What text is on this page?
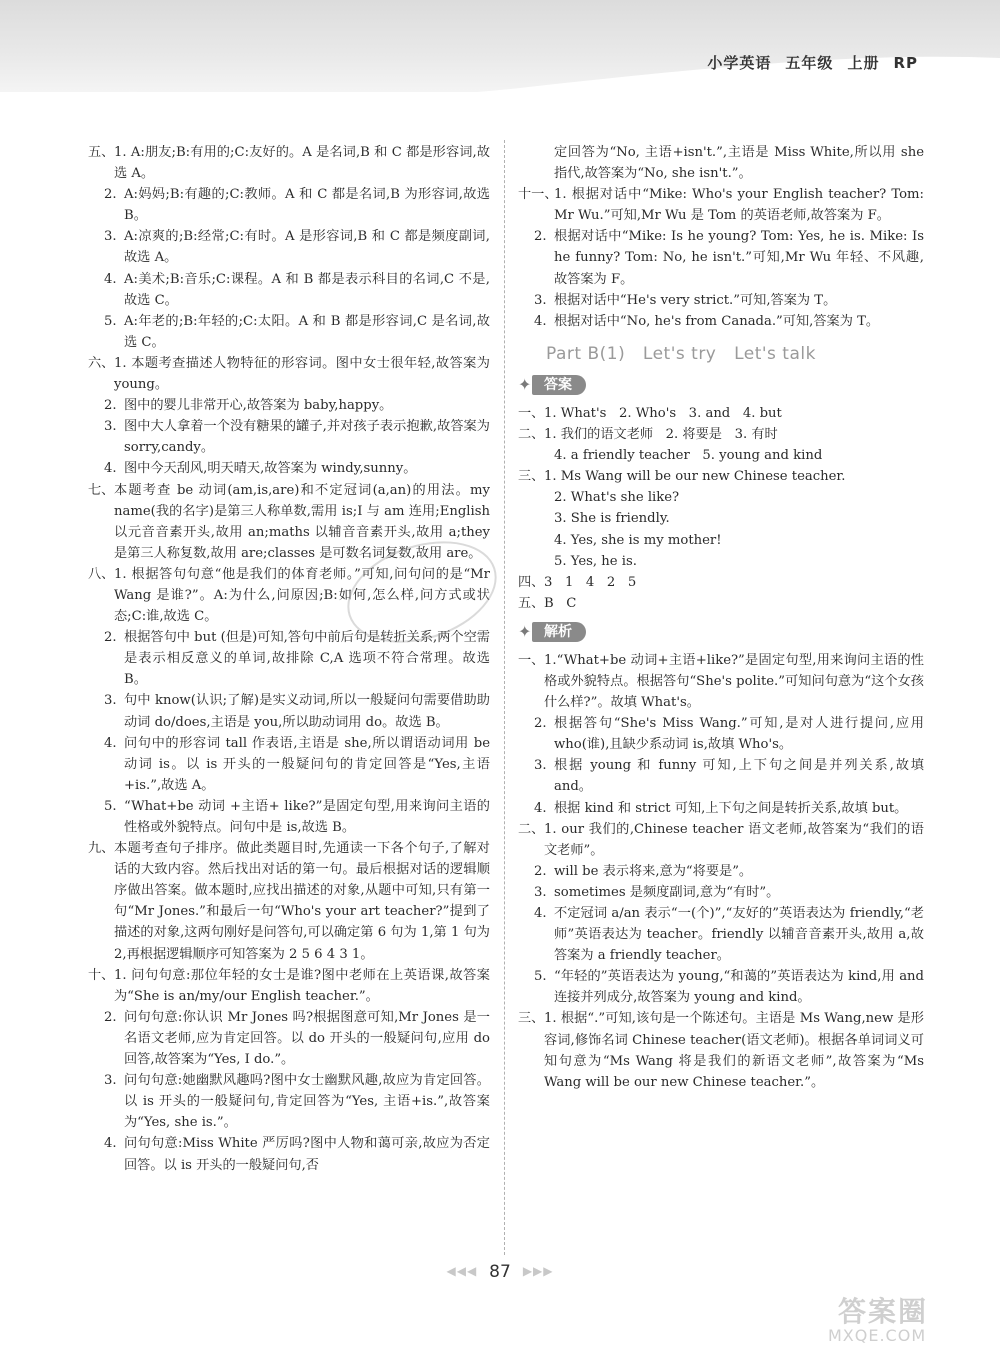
小学英语 五年级 上册 RP

五、 1. A:朋友;B:有用的;C:友好的。A 是名词,B 和 C 都是形容词,故选 A。

2. A:妈妈;B:有趣的;C:教师。A 和 C 都是名词,B 为形容词,故选 B。

3. A:凉爽的;B:经常;C:有时。A 是形容词,B 和 C 都是频度副词,故选 A。

4. A:美术;B:音乐;C:课程。A 和 B 都是表示科目的名词,C 不是,故选 C。

5. A:年老的;B:年轻的;C:太阳。A 和 B 都是形容词,C 是名词,故选 C。

六、 1. 本题考查描述人物特征的形容词。图中女士很年轻,故答案为 young。

2. 图中的婴儿非常开心,故答案为 baby,happy。

3. 图中大人拿着一个没有糖果的罐子,并对孩子表示抱歉,故答案为 sorry,candy。

4. 图中今天刮风,明天晴天,故答案为 windy,sunny。

七、 本题考查 be 动词(am,is,are)和不定冠词(a,an)的用法。my name(我的名字)是第三人称单数,需用 is;I 与 am 连用;English 以元音音素开头,故用 an;maths 以辅音音素开头,故用 a;they 是第三人称复数,故用 are;classes 是可数名词复数,故用 are。

八、 1. 根据答句句意“他是我们的体育老师。”可知,问句问的是“Mr Wang 是谁?”。A:为什么,问原因;B:如何,怎么样,问方式或状态;C:谁,故选 C。

2. 根据答句中 but (但是)可知,答句中前后句是转折关系,两个空需是表示相反意义的单词,故排除 C,A 选项不符合常理。故选 B。

3. 句中 know(认识;了解)是实义动词,所以一般疑问句需要借助助动词 do/does,主语是 you,所以助动词用 do。故选 B。

4. 问句中的形容词 tall 作表语,主语是 she,所以谓语动词用 be 动词 is。以 is 开头的一般疑问句的肯定回答是“Yes,主语+is.”,故选 A。

5. “What+be 动词 +主语+ like?”是固定句型,用来询问主语的性格或外貌特点。问句中是 is,故选 B。

九、 本题考查句子排序。做此类题目时,先通读一下各个句子,了解对话的大致内容。然后找出对话的第一句。最后根据对话的逻辑顺序做出答案。做本题时,应找出描述的对象,从题中可知,只有第一句“Mr Jones.”和最后一句“Who's your art teacher?”提到了描述的对象,这两句刚好是问答句,可以确定第 6 句为 1,第 1 句为 2,再根据逻辑顺序可知答案为 2 5 6 4 3 1。

十、 1. 问句句意:那位年轻的女士是谁?图中老师在上英语课,故答案为“She is an/my/our English teacher.”。

2. 问句句意:你认识 Mr Jones 吗?根据图意可知,Mr Jones 是一名语文老师,应为肯定回答。以 do 开头的一般疑问句,应用 do 回答,故答案为“Yes, I do.”。

3. 问句句意:她幽默风趣吗?图中女士幽默风趣,故应为肯定回答。以 is 开头的一般疑问句,肯定回答为“Yes, 主语+is.”,故答案为“Yes, she is.”。

4. 问句句意:Miss White 严厉吗?图中人物和蔼可亲,故应为否定回答。以 is 开头的一般疑问句,否

定回答为“No, 主语+isn't.”,主语是 Miss White,所以用 she 指代,故答案为“No, she isn't.”。

十一、
1. 根据对话中“Mike: Who's your English teacher? Tom: Mr Wu.”可知,Mr Wu 是 Tom 的英语老师,故答案为 F。

2. 根据对话中“Mike: Is he young? Tom: Yes, he is. Mike: Is he funny? Tom: No, he isn't.”可知,Mr Wu 年轻、不风趣,故答案为 F。

3. 根据对话中“He's very strict.”可知,答案为 T。

4. 根据对话中“No, he's from Canada.”可知,答案为 T。

Part B(1)   Let's try   Let's talk
✦ 答案

一、 1. What's   2. Who's   3. and   4. but

二、 1. 我们的语文老师   2. 将要是   3. 有时

4. a friendly teacher   5. young and kind

三、 1. Ms Wang will be our new Chinese teacher.

2. What's she like?

3. She is friendly.

4. Yes, she is my mother!

5. Yes, he is.

四、 3   1   4   2   5

五、 B   C

✦ 解析

一、 1.“What+be 动词+主语+like?”是固定句型,用来询问主语的性格或外貌特点。根据答句“She's polite.”可知问句意为“这个女孩什么样?”。故填 What's。

2. 根据答句“She's Miss Wang.”可知,是对人进行提问,应用 who(谁),且缺少系动词 is,故填 Who's。

3. 根据 young 和 funny 可知,上下句之间是并列关系,故填 and。

4. 根据 kind 和 strict 可知,上下句之间是转折关系,故填 but。

二、 1. our 我们的,Chinese teacher 语文老师,故答案为“我们的语文老师”。

2. will be 表示将来,意为“将要是”。

3. sometimes 是频度副词,意为“有时”。

4. 不定冠词 a/an 表示“一(个)”,“友好的”英语表达为 friendly,“老师”英语表达为 teacher。friendly 以辅音音素开头,故用 a,故答案为 a friendly teacher。

5. “年轻的”英语表达为 young,“和蔼的”英语表达为 kind,用 and 连接并列成分,故答案为 young and kind。

三、 1. 根据“.”可知,该句是一个陈述句。主语是 Ms Wang,new 是形容词,修饰名词 Chinese teacher(语文老师)。根据各单词词义可知句意为“Ms Wang 将是我们的新语文老师”,故答案为“Ms Wang will be our new Chinese teacher.”。

◀◀◀ 87 ▶▶▶
答案圈
MXQE.COM
